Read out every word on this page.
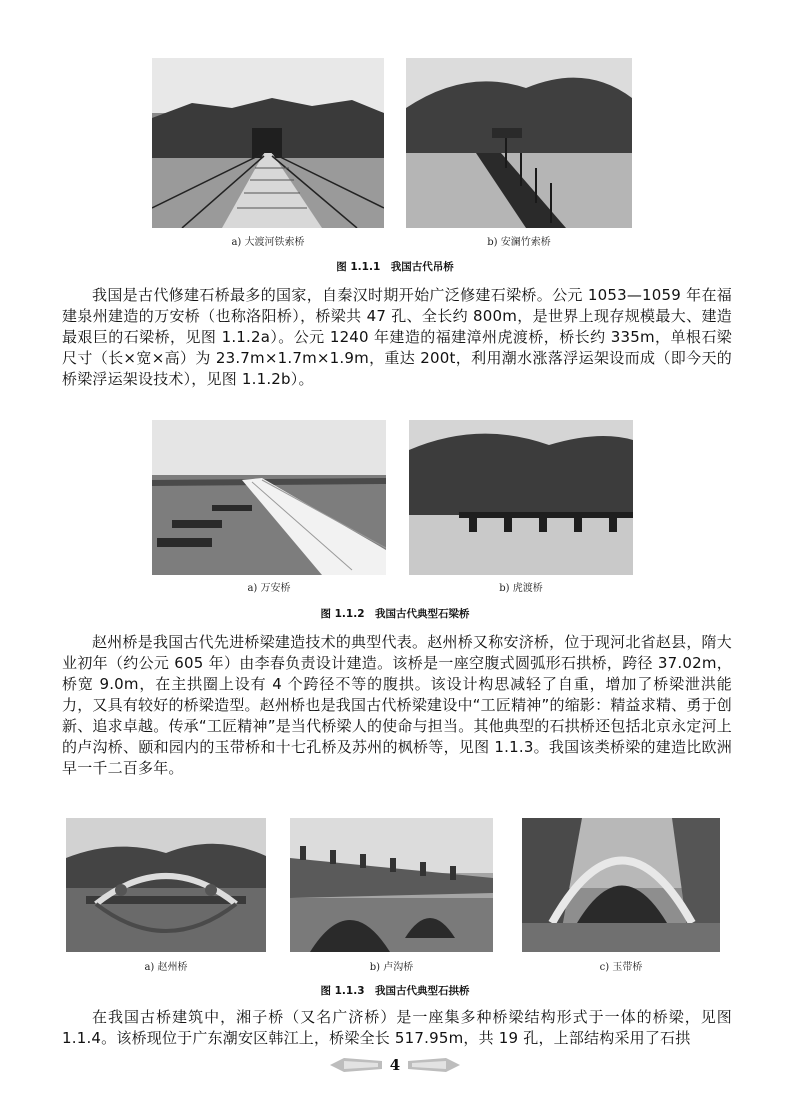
a) 大渡河铁索桥	b) 安澜竹索桥
图 1.1.1　我国古代吊桥

我国是古代修建石桥最多的国家，自秦汉时期开始广泛修建石梁桥。公元 1053—1059 年在福建泉州建造的万安桥（也称洛阳桥），桥梁共 47 孔、全长约 800m，是世界上现存规模最大、建造最艰巨的石梁桥，见图 1.1.2a）。公元 1240 年建造的福建漳州虎渡桥，桥长约 335m，单根石梁尺寸（长×宽×高）为 23.7m×1.7m×1.9m，重达 200t，利用潮水涨落浮运架设而成（即今天的桥梁浮运架设技术），见图 1.1.2b）。

a) 万安桥	b) 虎渡桥
图 1.1.2　我国古代典型石梁桥

赵州桥是我国古代先进桥梁建造技术的典型代表。赵州桥又称安济桥，位于现河北省赵县，隋大业初年（约公元 605 年）由李春负责设计建造。该桥是一座空腹式圆弧形石拱桥，跨径 37.02m，桥宽 9.0m，在主拱圈上设有 4 个跨径不等的腹拱。该设计构思减轻了自重，增加了桥梁泄洪能力，又具有较好的桥梁造型。赵州桥也是我国古代桥梁建设中“工匠精神”的缩影：精益求精、勇于创新、追求卓越。传承“工匠精神”是当代桥梁人的使命与担当。其他典型的石拱桥还包括北京永定河上的卢沟桥、颐和园内的玉带桥和十七孔桥及苏州的枫桥等，见图 1.1.3。我国该类桥梁的建造比欧洲早一千二百多年。

a) 赵州桥	b) 卢沟桥	c) 玉带桥
图 1.1.3　我国古代典型石拱桥

在我国古桥建筑中，湘子桥（又名广济桥）是一座集多种桥梁结构形式于一体的桥梁，见图 1.1.4。该桥现位于广东潮安区韩江上，桥梁全长 517.95m，共 19 孔，上部结构采用了石拱

4
